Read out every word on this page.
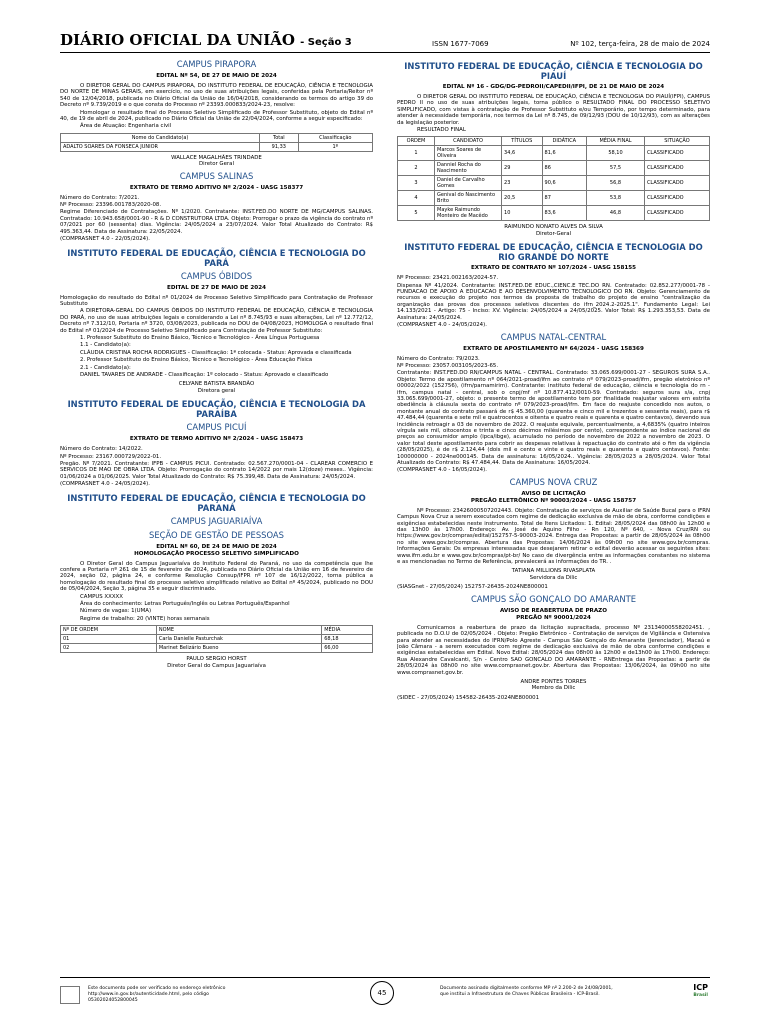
DIÁRIO OFICIAL DA UNIÃO - Seção 3	ISSN 1677-7069	Nº 102, terça-feira, 28 de maio de 2024
CAMPUS PIRAPORA
EDITAL Nº 54, DE 27 DE MAIO DE 2024

O DIRETOR GERAL DO CAMPUS PIRAPORA, DO INSTITUTO FEDERAL DE EDUCAÇÃO, CIÊNCIA E TECNOLOGIA DO NORTE DE MINAS GERAIS, em exercício, no uso de suas atribuições legais, conferidas pela Portaria/Reitor nº 540 de 12/04/2018, publicada no Diário Oficial da União de 16/04/2018, considerando os termos do artigo 39 do Decreto nº 9.739/2019 e o que consta do Processo nº 23393.000833/2024-23, resolve:

Homologar o resultado final do Processo Seletivo Simplificado de Professor Substituto, objeto do Edital nº 40, de 19 de abril de 2024, publicado no Diário Oficial da União de 22/04/2024, conforme a seguir especificado:

Área de Atuação: Engenharia civil

Nome do Candidato(a)	Total	Classificação
ADALTO SOARES DA FONSECA JUNIOR	91,33	1º
WALLACE MAGALHÃES TRINDADE
Diretor Geral
CAMPUS SALINAS
EXTRATO DE TERMO ADITIVO Nº 2/2024 - UASG 158377

Número do Contrato: 7/2021.

Nº Processo: 23396.001783/2020-08.

Regime Diferenciado de Contratações. Nº 1/2020. Contratante: INST.FED.DO NORTE DE MG/CAMPUS SALINAS. Contratado: 10.943.658/0001-90 - R & D CONSTRUTORA LTDA. Objeto: Prorrogar o prazo da vigência do contrato nº 07/2021 por 60 (sessenta) dias. Vigência: 24/05/2024 a 23/07/2024. Valor Total Atualizado do Contrato: R$ 495.363,44. Data de Assinatura: 22/05/2024.

(COMPRASNET 4.0 - 22/05/2024).

INSTITUTO FEDERAL DE EDUCAÇÃO, CIÊNCIA E TECNOLOGIA DO PARÁ
CAMPUS ÓBIDOS
EDITAL DE 27 DE MAIO DE 2024

Homologação do resultado do Edital nº 01/2024 de Processo Seletivo Simplificado para Contratação de Professor Substituto

A DIRETORA-GERAL DO CAMPUS ÓBIDOS DO INSTITUTO FEDERAL DE EDUCAÇÃO, CIÊNCIA E TECNOLOGIA DO PARÁ, no uso de suas atribuições legais e considerando a Lei nº 8.745/93 e suas alterações, Lei nº 12.772/12, Decreto nº 7.312/10, Portaria nº 3720, 03/08/2023, publicada no DOU de 04/08/2023, HOMOLOGA o resultado final do Edital nº 01/2024 de Processo Seletivo Simplificado para Contratação de Professor Substituto:

1. Professor Substituto do Ensino Básico, Técnico e Tecnológico - Área Língua Portuguesa

1.1 - Candidato(a):

CLÁUDIA CRISTINA ROCHA RODRIGUES - Classificação: 1ª colocada - Status: Aprovada e classificada

2. Professor Substituto do Ensino Básico, Técnico e Tecnológico - Área Educação Física

2.1 - Candidato(a):

DANIEL TAVARES DE ANDRADE - Classificação: 1º colocado - Status: Aprovado e classificado

CELYANE BATISTA BRANDÃO
Diretora geral
INSTITUTO FEDERAL DE EDUCAÇÃO, CIÊNCIA E TECNOLOGIA DA PARAÍBA
CAMPUS PICUÍ
EXTRATO DE TERMO ADITIVO Nº 2/2024 - UASG 158473

Número do Contrato: 14/2022.

Nº Processo: 23167.000729/2022-01.

Pregão. Nº 7/2021. Contratante: IFPB - CAMPUS PICUI. Contratado: 02.567.270/0001-04 - CLAREAR COMERCIO E SERVICOS DE MAO DE OBRA LTDA. Objeto: Prorrogação do contrato 14/2022 por mais 12(doze) meses.. Vigência: 01/06/2024 a 01/06/2025. Valor Total Atualizado do Contrato: R$ 75.399,48. Data de Assinatura: 24/05/2024.

(COMPRASNET 4.0 - 24/05/2024).

INSTITUTO FEDERAL DE EDUCAÇÃO, CIÊNCIA E TECNOLOGIA DO PARANÁ
CAMPUS JAGUARIAÍVA
SEÇÃO DE GESTÃO DE PESSOAS
EDITAL Nº 60, DE 24 DE MAIO DE 2024
HOMOLOGAÇÃO PROCESSO SELETIVO SIMPLIFICADO

O Diretor Geral do Campus Jaguariaíva do Instituto Federal do Paraná, no uso da competência que lhe confere a Portaria nº 261 de 15 de fevereiro de 2024, publicada no Diário Oficial da União em 16 de fevereiro de 2024, seção 02, página 24, e conforme Resolução Consup/IFPR nº 107 de 16/12/2022, torna pública a homologação do resultado final do processo seletivo simplificado relativo ao Edital nº 45/2024, publicado no DOU de 05/04/2024, Seção 3, página 35 e seguir discriminado.

CAMPUS XXXXX

Área do conhecimento: Letras Português/Inglês ou Letras Português/Espanhol

Número de vagas: 1(UMA)

Regime de trabalho: 20 (VINTE) horas semanais

Nº DE ORDEM	NOME	MÉDIA
01	Carla Danielle Pasturchak	68,18
02	Marinet Belizário Bueno	66,00
PAULO SERGIO HORST
Diretor Geral do Campus Jaguariaíva
INSTITUTO FEDERAL DE EDUCAÇÃO, CIÊNCIA E TECNOLOGIA DO PIAUÍ
EDITAL Nº 16 - GDG/DG-PEDROII/CAPEDII/IFPI, DE 21 DE MAIO DE 2024

O DIRETOR GERAL DO INSTITUTO FEDERAL DE EDUCAÇÃO, CIÊNCIA E TECNOLOGIA DO PIAUÍ(IFPI), CAMPUS PEDRO II no uso de suas atribuições legais, torna público o RESULTADO FINAL DO PROCESSO SELETIVO SIMPLIFICADO, com vistas à contratação de Professor Substituto e/ou Temporário, por tempo determinado, para atender à necessidade temporária, nos termos da Lei nº 8.745, de 09/12/93 (DOU de 10/12/93), com as alterações da legislação posterior.

RESULTADO FINAL

ORDEM	CANDIDATO	TÍTULOS	DIDÁTICA	MÉDIA FINAL	SITUAÇÃO
1	Marcos Soares de Oliveira	34,6	81,6	58,10	CLASSIFICADO
2	Danniel Rocha do Nascimento	29	86	57,5	CLASSIFICADO
3	Daniel de Carvalho Gomes	23	90,6	56,8	CLASSIFICADO
4	Genival do Nascimento Brito	20,5	87	53,8	CLASSIFICADO
5	Mayke Raimundo Monteiro de Macêdo	10	83,6	46,8	CLASSIFICADO
RAIMUNDO NONATO ALVES DA SILVA
Diretor-Geral
INSTITUTO FEDERAL DE EDUCAÇÃO, CIÊNCIA E TECNOLOGIA DO RIO GRANDE DO NORTE
EXTRATO DE CONTRATO Nº 107/2024 - UASG 158155

Nº Processo: 23421.002163/2024-57.

Dispensa Nº 41/2024. Contratante: INST.FED.DE EDUC.,CIENC.E TEC.DO RN. Contratado: 02.852.277/0001-78 - FUNDACAO DE APOIO A EDUCACAO E AO DESENVOLVIMENTO TECNOLOGICO DO RN. Objeto: Gerenciamento de recursos e execução do projeto nos termos da proposta de trabalho do projeto de ensino "centralização da organização das provas dos processos seletivos discentes do ifrn_2024.2-2025.1". Fundamento Legal: Lei 14.133/2021 - Artigo: 75 - Inciso: XV. Vigência: 24/05/2024 a 24/05/2025. Valor Total: R$ 1.293.353,53. Data de Assinatura: 24/05/2024.

(COMPRASNET 4.0 - 24/05/2024).

CAMPUS NATAL-CENTRAL
EXTRATO DE APOSTILAMENTO Nº 64/2024 - UASG 158369

Número do Contrato: 79/2023.

Nº Processo: 23057.003105/2023-65.

Contratante: INST.FED.DO RN/CAMPUS NATAL - CENTRAL. Contratado: 33.065.699/0001-27 - SEGUROS SURA S.A.. Objeto: Termo de apostilamento nº 064/2021-proad/ifrn ao contrato nº 079/2023-proad/ifrn, pregão eletrônico nº 00002/2022 (152756), (ifrn/parnamirim). Contratante: instituto federal de educação, ciência e tecnologia do rn - ifrn, campus natal - central, sob o cnpj/mf nº 10.877.412/0010-59. Contratado: seguros sura s/a, cnpj 33.065.699/0001-27, objeto: o presente termo de apostilamento tem por finalidade reajustar valores em estrita obediência à cláusula sexta do contrato nº 079/2023-proad/ifrn. Em face do reajuste concedido nos autos, o montante anual do contrato passará de r$ 45.360,00 (quarenta e cinco mil e trezentos e sessenta reais), para r$ 47.484,44 (quarenta e sete mil e quatrocentos e oitenta e quatro reais e quarenta e quatro centavos), devendo sua incidência retroagir a 03 de novembro de 2022. O reajuste equivale, percentualmente, a 4,6835% (quatro inteiros vírgula seis mil, oitocentos e trinta e cinco décimos milésimos por cento), correspondente ao índice nacional de preços ao consumidor amplo (ipca/ibge), acumulado no período de novembro de 2022 a novembro de 2023. O valor total deste apostilamento para cobrir as despesas relativas à repactuação do contrato até o fim da vigência (28/05/2025), é de r$ 2.124,44 (dois mil e cento e vinte e quatro reais e quarenta e quatro centavos). Fonte: 100000000 - 2024ne000145. Data de assinatura: 16/05/2024.. Vigência: 28/05/2023 a 28/05/2024. Valor Total Atualizado do Contrato: R$ 47.484,44. Data de Assinatura: 16/05/2024.

(COMPRASNET 4.0 - 16/05/2024).

CAMPUS NOVA CRUZ
AVISO DE LICITAÇÃO
PREGÃO ELETRÔNICO Nº 90003/2024 - UASG 158757

Nº Processo: 23426000507202443. Objeto: Contratação de serviços de Auxiliar de Saúde Bucal para o IFRN Campus Nova Cruz a serem executados com regime de dedicação exclusiva de mão de obra, conforme condições e exigências estabelecidas neste instrumento. Total de Itens Licitados: 1. Edital: 28/05/2024 das 08h00 às 12h00 e das 13h00 às 17h00. Endereço: Av. José de Aquino Filho - Rn 120, Nº 640, - Nova Cruz/RN ou https://www.gov.br/compras/edital/152757-5-90003-2024. Entrega das Propostas: a partir de 28/05/2024 às 08h00 no site www.gov.br/compras. Abertura das Propostas: 14/06/2024 às 09h00 no site www.gov.br/compras. Informações Gerais: Os empresas interessadas que desejarem retirar o edital deverão acessar os seguintes sites: www.ifrn.edu.br e www.gov.br/compras/pt-br/ No caso de divergência entre as informações constantes no sistema e as mencionadas no Termo de Referência, prevalecerá as informações do TR. .

TATIANA MILLIONS RIVASPLATA
Servidora da Dilic

(SIASGnet - 27/05/2024) 152757-26435-2024NE800001

CAMPUS SÃO GONÇALO DO AMARANTE
AVISO DE REABERTURA DE PRAZO
PREGÃO Nº 90001/2024

Comunicamos a reabertura de prazo da licitação supracitada, processo Nº 23134000558202451. , publicada no D.O.U de 02/05/2024 . Objeto: Pregão Eletrônico - Contratação de serviços de Vigilância e Ostensiva para atender as necessidades do IFRN/Polo Agreste - Campus São Gonçalo do Amarante (Jerenciador), Macaú e João Câmara - a serem executados com regime de dedicação exclusiva de mão de obra conforme condições e exigências estabelecidas em Edital. Novo Edital: 28/05/2024 das 08h00 às 12h00 e de13h00 às 17h00. Endereço: Rua Alexandre Cavalcanti, S/n - Centro SAO GONCALO DO AMARANTE - RNEntrega das Propostas: a partir de 28/05/2024 às 08h00 no site www.comprasnet.gov.br. Abertura das Propostas: 13/06/2024, às 09h00 no site www.comprasnet.gov.br.

ANDRE PONTES TORRES
Membro da Dilic

(SIDEC - 27/05/2024) 154582-26435-2024NE800001

Este documento pode ser verificado no endereço eletrônico http://www.in.gov.br/autenticidade.html, pelo código 05302024052800045
45
Documento assinado digitalmente conforme MP nº 2.200-2 de 24/08/2001, que institui a Infraestrutura de Chaves Públicas Brasileira - ICP-Brasil.
ICP
Brasil
